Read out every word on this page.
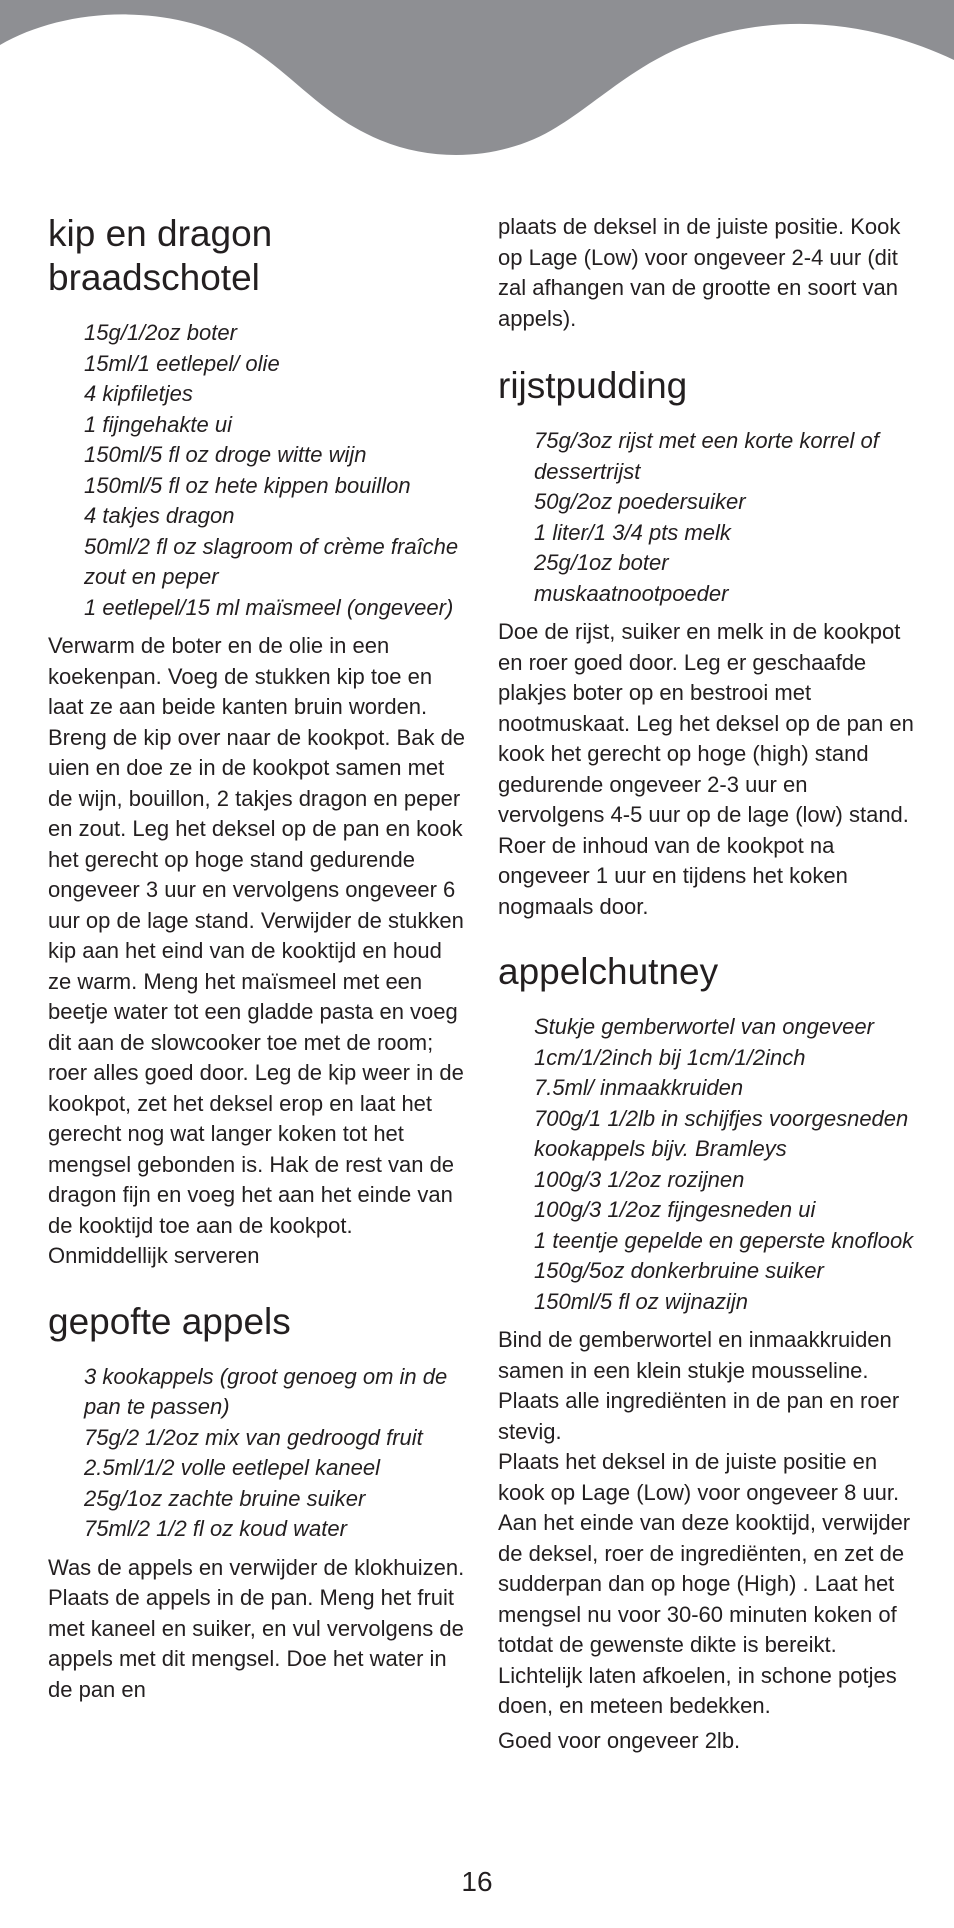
kip en dragon braadschotel
15g/1/2oz boter
15ml/1 eetlepel/ olie
4 kipfiletjes
1 fijngehakte ui
150ml/5 fl oz droge witte wijn
150ml/5 fl oz hete kippen bouillon
4 takjes dragon
50ml/2 fl oz slagroom of crème fraîche
zout en peper
1 eetlepel/15 ml maïsmeel (ongeveer)

Verwarm de boter en de olie in een koekenpan. Voeg de stukken kip toe en laat ze aan beide kanten bruin worden. Breng de kip over naar de kookpot. Bak de uien en doe ze in de kookpot samen met de wijn, bouillon, 2 takjes dragon en peper en zout. Leg het deksel op de pan en kook het gerecht op hoge stand gedurende ongeveer 3 uur en vervolgens ongeveer 6 uur op de lage stand. Verwijder de stukken kip aan het eind van de kooktijd en houd ze warm. Meng het maïsmeel met een beetje water tot een gladde pasta en voeg dit aan de slowcooker toe met de room; roer alles goed door. Leg de kip weer in de kookpot, zet het deksel erop en laat het gerecht nog wat langer koken tot het mengsel gebonden is. Hak de rest van de dragon fijn en voeg het aan het einde van de kooktijd toe aan de kookpot. Onmiddellijk serveren

gepofte appels
3 kookappels (groot genoeg om in de pan te passen)
75g/2 1/2oz mix van gedroogd fruit
2.5ml/1/2 volle eetlepel kaneel
25g/1oz zachte bruine suiker
75ml/2 1/2 fl oz koud water

Was de appels en verwijder de klokhuizen. Plaats de appels in de pan. Meng het fruit met kaneel en suiker, en vul vervolgens de appels met dit mengsel. Doe het water in de pan en

plaats de deksel in de juiste positie. Kook op Lage (Low) voor ongeveer 2-4 uur (dit zal afhangen van de grootte en soort van appels).

rijstpudding
75g/3oz rijst met een korte korrel of dessertrijst
50g/2oz poedersuiker
1 liter/1 3/4 pts melk
25g/1oz boter
muskaatnootpoeder

Doe de rijst, suiker en melk in de kookpot en roer goed door. Leg er geschaafde plakjes boter op en bestrooi met nootmuskaat. Leg het deksel op de pan en kook het gerecht op hoge (high) stand gedurende ongeveer 2-3 uur en vervolgens 4-5 uur op de lage (low) stand. Roer de inhoud van de kookpot na ongeveer 1 uur en tijdens het koken nogmaals door.

appelchutney
Stukje gemberwortel van ongeveer 1cm/1/2inch bij 1cm/1/2inch
7.5ml/ inmaakkruiden
700g/1 1/2lb in schijfjes voorgesneden kookappels bijv. Bramleys
100g/3 1/2oz rozijnen
100g/3 1/2oz fijngesneden ui
1 teentje gepelde en geperste knoflook
150g/5oz donkerbruine suiker
150ml/5 fl oz wijnazijn

Bind de gemberwortel en inmaakkruiden samen in een klein stukje mousseline.

Plaats alle ingrediënten in de pan en roer stevig.

Plaats het deksel in de juiste positie en kook op Lage (Low) voor ongeveer 8 uur. Aan het einde van deze kooktijd, verwijder de deksel, roer de ingrediënten, en zet de sudderpan dan op hoge (High) . Laat het mengsel nu voor 30-60 minuten koken of totdat de gewenste dikte is bereikt. Lichtelijk laten afkoelen, in schone potjes doen, en meteen bedekken.

Goed voor ongeveer 2lb.

16
